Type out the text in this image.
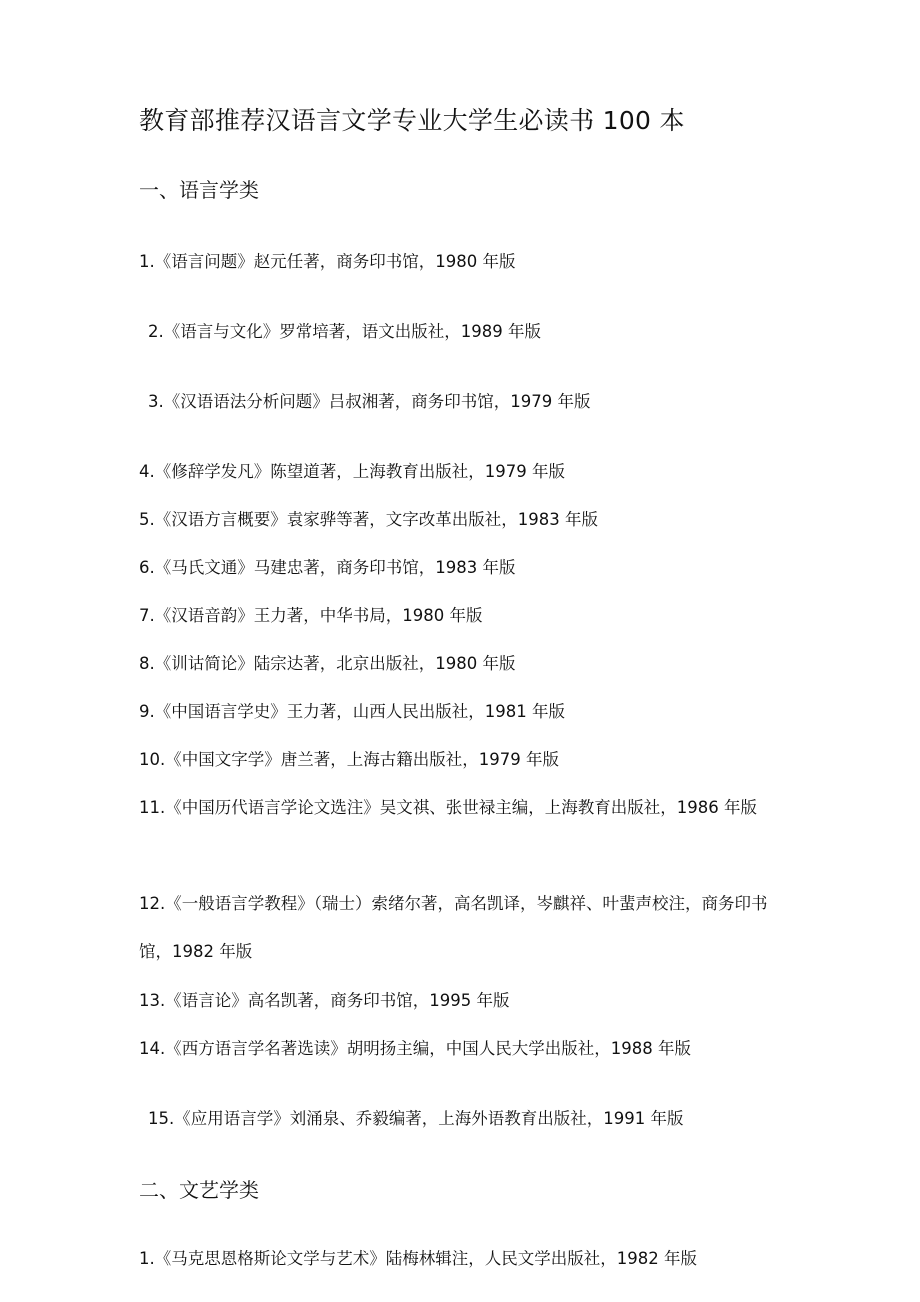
教育部推荐汉语言文学专业大学生必读书 100 本
一、语言学类
1.《语言问题》赵元任著，商务印书馆，1980 年版
2.《语言与文化》罗常培著，语文出版社，1989 年版
3.《汉语语法分析问题》吕叔湘著，商务印书馆，1979 年版
4.《修辞学发凡》陈望道著，上海教育出版社，1979 年版
5.《汉语方言概要》袁家骅等著，文字改革出版社，1983 年版
6.《马氏文通》马建忠著，商务印书馆，1983 年版
7.《汉语音韵》王力著，中华书局，1980 年版
8.《训诂简论》陆宗达著，北京出版社，1980 年版
9.《中国语言学史》王力著，山西人民出版社，1981 年版
10.《中国文字学》唐兰著，上海古籍出版社，1979 年版
11.《中国历代语言学论文选注》吴文祺、张世禄主编，上海教育出版社，1986 年版
12.《一般语言学教程》（瑞士）索绪尔著，高名凯译，岑麒祥、叶蜚声校注，商务印书馆，1982 年版
13.《语言论》高名凯著，商务印书馆，1995 年版
14.《西方语言学名著选读》胡明扬主编，中国人民大学出版社，1988 年版
15.《应用语言学》刘涌泉、乔毅编著，上海外语教育出版社，1991 年版
二、文艺学类
1.《马克思恩格斯论文学与艺术》陆梅林辑注，人民文学出版社，1982 年版
